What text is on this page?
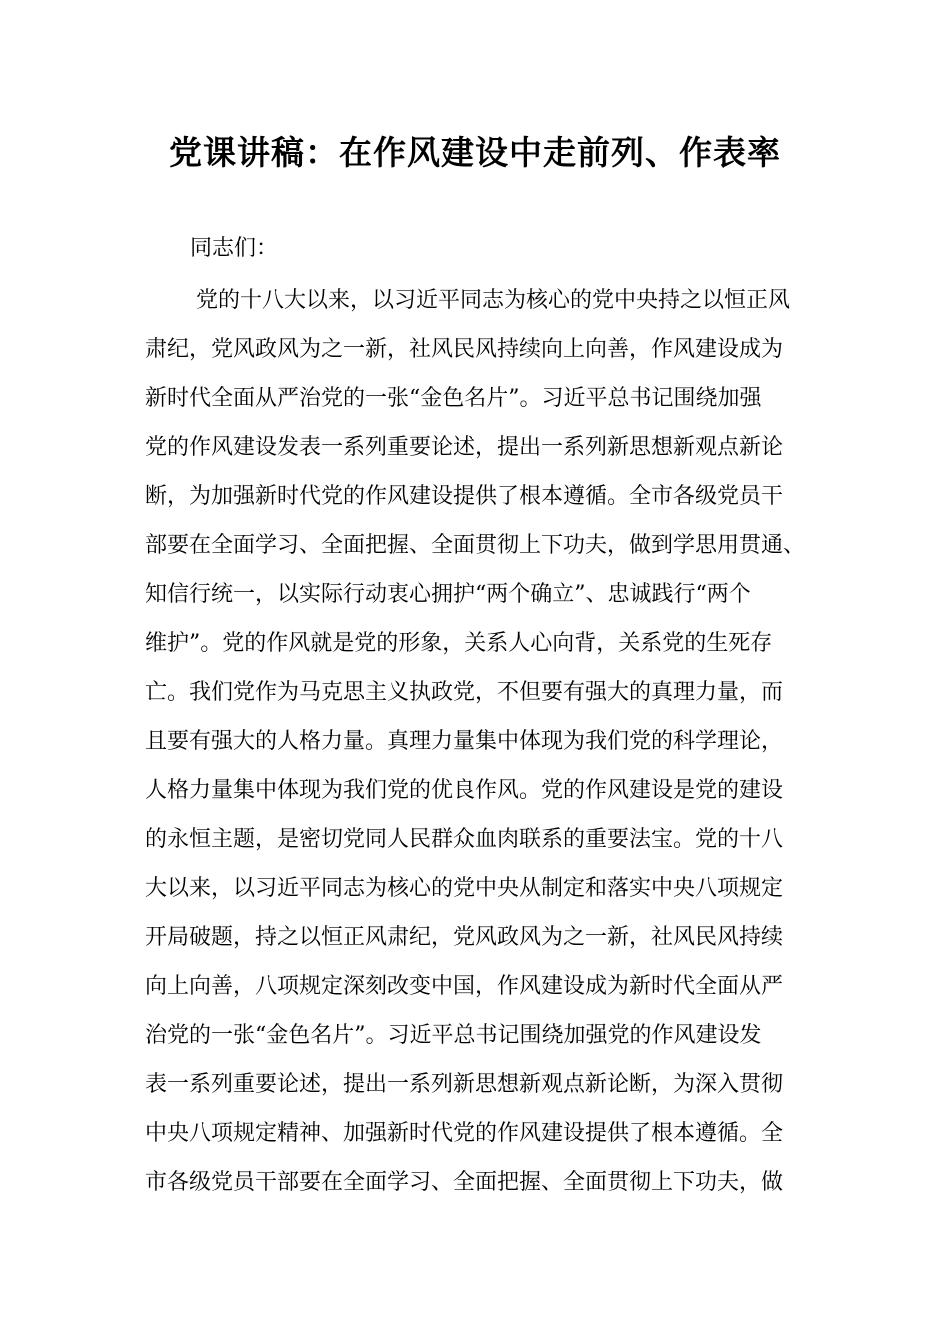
党课讲稿：在作风建设中走前列、作表率

同志们：

党的十八大以来，以习近平同志为核心的党中央持之以恒正风

肃纪，党风政风为之一新，社风民风持续向上向善，作风建设成为

新时代全面从严治党的一张“金色名片”。习近平总书记围绕加强

党的作风建设发表一系列重要论述，提出一系列新思想新观点新论

断，为加强新时代党的作风建设提供了根本遵循。全市各级党员干

部要在全面学习、全面把握、全面贯彻上下功夫，做到学思用贯通、

知信行统一，以实际行动衷心拥护“两个确立”、忠诚践行“两个

维护”。党的作风就是党的形象，关系人心向背，关系党的生死存

亡。我们党作为马克思主义执政党，不但要有强大的真理力量，而

且要有强大的人格力量。真理力量集中体现为我们党的科学理论，

人格力量集中体现为我们党的优良作风。党的作风建设是党的建设

的永恒主题，是密切党同人民群众血肉联系的重要法宝。党的十八

大以来，以习近平同志为核心的党中央从制定和落实中央八项规定

开局破题，持之以恒正风肃纪，党风政风为之一新，社风民风持续

向上向善，八项规定深刻改变中国，作风建设成为新时代全面从严

治党的一张“金色名片”。习近平总书记围绕加强党的作风建设发

表一系列重要论述，提出一系列新思想新观点新论断，为深入贯彻

中央八项规定精神、加强新时代党的作风建设提供了根本遵循。全

市各级党员干部要在全面学习、全面把握、全面贯彻上下功夫，做
